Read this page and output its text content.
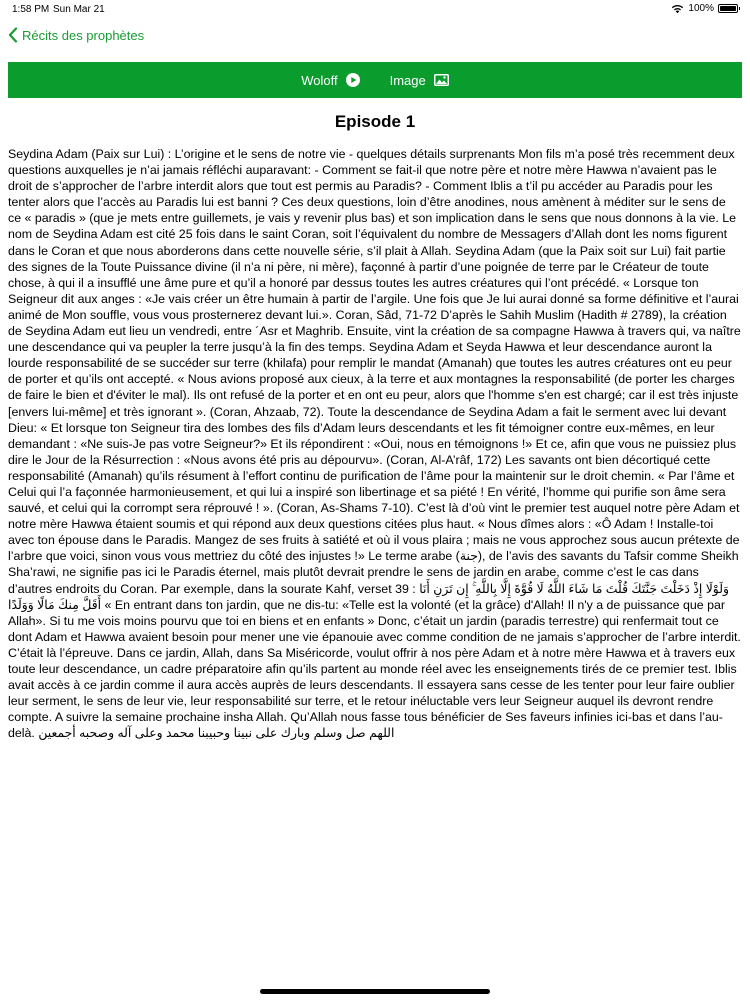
1:58 PM Sun Mar 21	100%
Récits des prophètes
Woloff	Image
Episode 1

Seydina Adam (Paix sur Lui) : L’origine et le sens de notre vie - quelques détails surprenants Mon fils m’a posé très recemment deux questions auxquelles je n’ai jamais réfléchi auparavant: - Comment se fait-il que notre père et notre mère Hawwa n’avaient pas le droit de s’approcher de l’arbre interdit alors que tout est permis au Paradis? - Comment Iblis a t’il pu accéder au Paradis pour les tenter alors que l’accès au Paradis lui est banni ? Ces deux questions, loin d’être anodines, nous amènent à méditer sur le sens de ce « paradis » (que je mets entre guillemets, je vais y revenir plus bas) et son implication dans le sens que nous donnons à la vie. Le nom de Seydina Adam est cité 25 fois dans le saint Coran, soit l’équivalent du nombre de Messagers d’Allah dont les noms figurent dans le Coran et que nous aborderons dans cette nouvelle série, s’il plait à Allah. Seydina Adam (que la Paix soit sur Lui) fait partie des signes de la Toute Puissance divine (il n’a ni père, ni mère), façonné à partir d’une poignée de terre par le Créateur de toute chose, à qui il a insufflé une âme pure et qu’il a honoré par dessus toutes les autres créatures qui l’ont précédé. « Lorsque ton Seigneur dit aux anges : «Je vais créer un être humain à partir de l’argile. Une fois que Je lui aurai donné sa forme définitive et l’aurai animé de Mon souffle, vous vous prosternerez devant lui.». Coran, Sâd, 71-72 D’après le Sahih Muslim (Hadith # 2789), la création de Seydina Adam eut lieu un vendredi, entre ´Asr et Maghrib. Ensuite, vint la création de sa compagne Hawwa à travers qui, va naître une descendance qui va peupler la terre jusqu’à la fin des temps. Seydina Adam et Seyda Hawwa et leur descendance auront la lourde responsabilité de se succéder sur terre (khilafa) pour remplir le mandat (Amanah) que toutes les autres créatures ont eu peur de porter et qu’ils ont accepté. « Nous avions proposé aux cieux, à la terre et aux montagnes la responsabilité (de porter les charges de faire le bien et d'éviter le mal). Ils ont refusé de la porter et en ont eu peur, alors que l'homme s'en est chargé; car il est très injuste [envers lui-même] et très ignorant ». (Coran, Ahzaab, 72). Toute la descendance de Seydina Adam a fait le serment avec lui devant Dieu: « Et lorsque ton Seigneur tira des lombes des fils d’Adam leurs descendants et les fit témoigner contre eux-mêmes, en leur demandant : «Ne suis-Je pas votre Seigneur?» Et ils répondirent : «Oui, nous en témoignons !» Et ce, afin que vous ne puissiez plus dire le Jour de la Résurrection : «Nous avons été pris au dépourvu». (Coran, Al-A’râf, 172) Les savants ont bien décortiqué cette responsabilité (Amanah) qu’ils résument à l’effort continu de purification de l’âme pour la maintenir sur le droit chemin. « Par l’âme et Celui qui l’a façonnée harmonieusement, et qui lui a inspiré son libertinage et sa piété ! En vérité, l’homme qui purifie son âme sera sauvé, et celui qui la corrompt sera réprouvé ! ». (Coran, As-Shams 7-10). C’est là d’où vint le premier test auquel notre père Adam et notre mère Hawwa étaient soumis et qui répond aux deux questions citées plus haut. « Nous dîmes alors : «Ô Adam ! Installe-toi avec ton épouse dans le Paradis. Mangez de ses fruits à satiété et où il vous plaira ; mais ne vous approchez sous aucun prétexte de l’arbre que voici, sinon vous vous mettriez du côté des injustes !» Le terme arabe (جنة), de l’avis des savants du Tafsir comme Sheikh Sha’rawi, ne signifie pas ici le Paradis éternel, mais plutôt devrait prendre le sens de jardin en arabe, comme c’est le cas dans d’autres endroits du Coran. Par exemple, dans la sourate Kahf, verset 39 : وَلَوْلَا إِذْ دَخَلْتَ جَنَّتَكَ قُلْتَ مَا شَاءَ اللَّهُ لَا قُوَّةَ إِلَّا بِاللَّهِ ۚ إِن تَرَنِ أَنَا أَقَلَّ مِنكَ مَالًا وَوَلَدًا « En entrant dans ton jardin, que ne dis-tu: «Telle est la volonté (et la grâce) d'Allah! Il n'y a de puissance que par Allah». Si tu me vois moins pourvu que toi en biens et en enfants » Donc, c’était un jardin (paradis terrestre) qui renfermait tout ce dont Adam et Hawwa avaient besoin pour mener une vie épanouie avec comme condition de ne jamais s’approcher de l’arbre interdit. C’était là l’épreuve. Dans ce jardin, Allah, dans Sa Miséricorde, voulut offrir à nos père Adam et à notre mère Hawwa et à travers eux toute leur descendance, un cadre préparatoire afin qu’ils partent au monde réel avec les enseignements tirés de ce premier test. Iblis avait accès à ce jardin comme il aura accès auprès de leurs descendants. Il essayera sans cesse de les tenter pour leur faire oublier leur serment, le sens de leur vie, leur responsabilité sur terre, et le retour inéluctable vers leur Seigneur auquel ils devront rendre compte. A suivre la semaine prochaine insha Allah. Qu’Allah nous fasse tous bénéficier de Ses faveurs infinies ici-bas et dans l’au-delà. اللهم صل وسلم وبارك على نبينا وحبيبنا محمد وعلى آله وصحبه أجمعين
